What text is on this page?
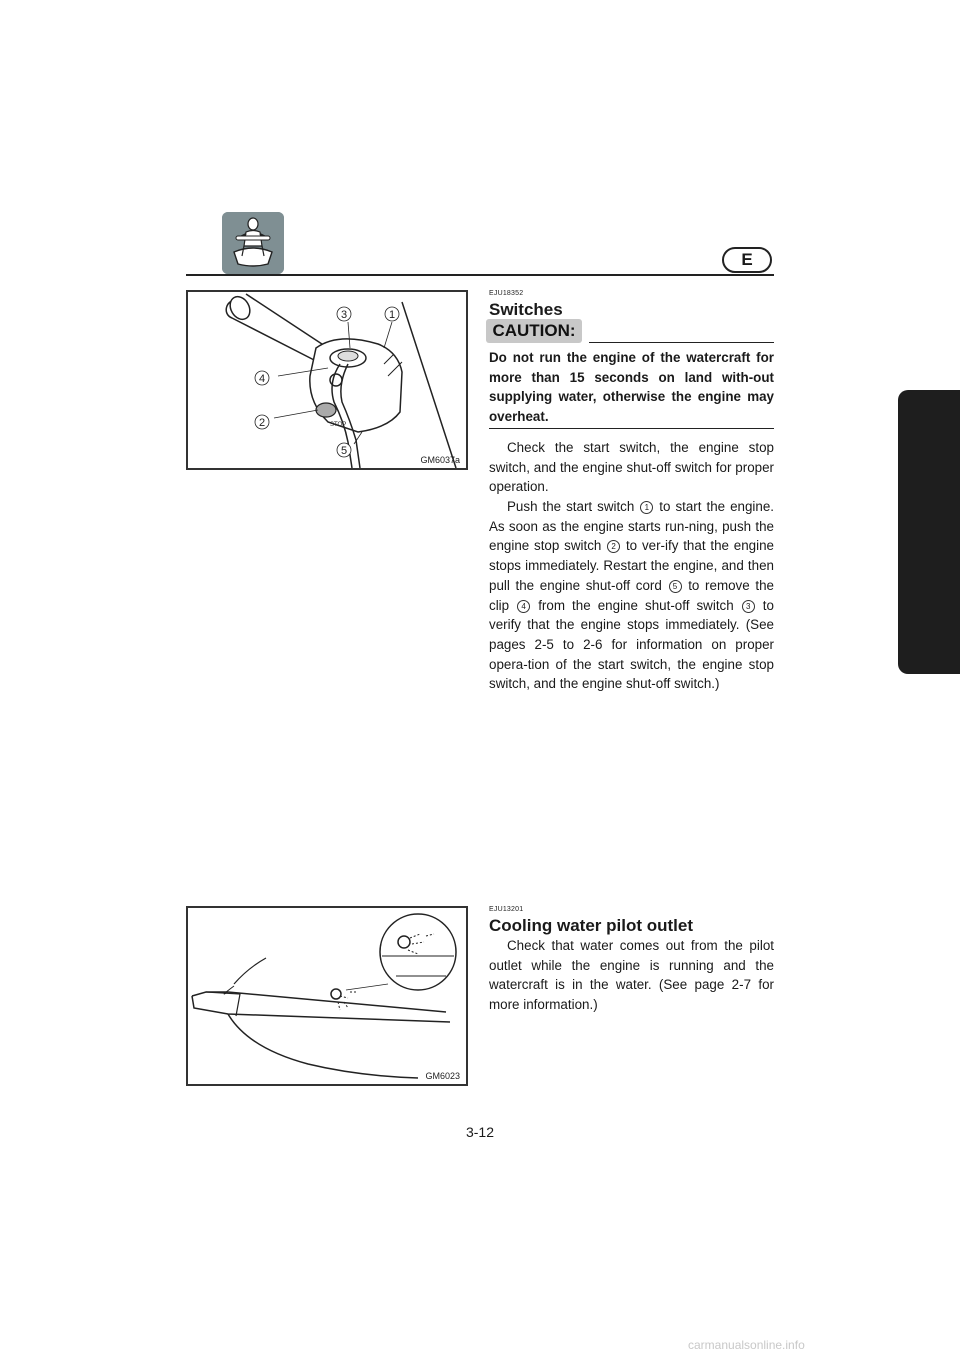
E
STOP
3	1
4
2
5
GM6037a
EJU18352
Switches
CAUTION:
Do not run the engine of the watercraft for more than 15 seconds on land with-out supplying water, otherwise the engine may overheat.
Check the start switch, the engine stop switch, and the engine shut-off switch for proper operation.
Push the start switch 1 to start the engine. As soon as the engine starts run-ning, push the engine stop switch 2 to ver-ify that the engine stops immediately. Restart the engine, and then pull the engine shut-off cord 5 to remove the clip 4 from the engine shut-off switch 3 to verify that the engine stops immediately. (See pages 2-5 to 2-6 for information on proper opera-tion of the start switch, the engine stop switch, and the engine shut-off switch.)
GM6023
EJU13201
Cooling water pilot outlet
Check that water comes out from the pilot outlet while the engine is running and the watercraft is in the water. (See page 2-7 for more information.)
3-12
carmanualsonline.info
